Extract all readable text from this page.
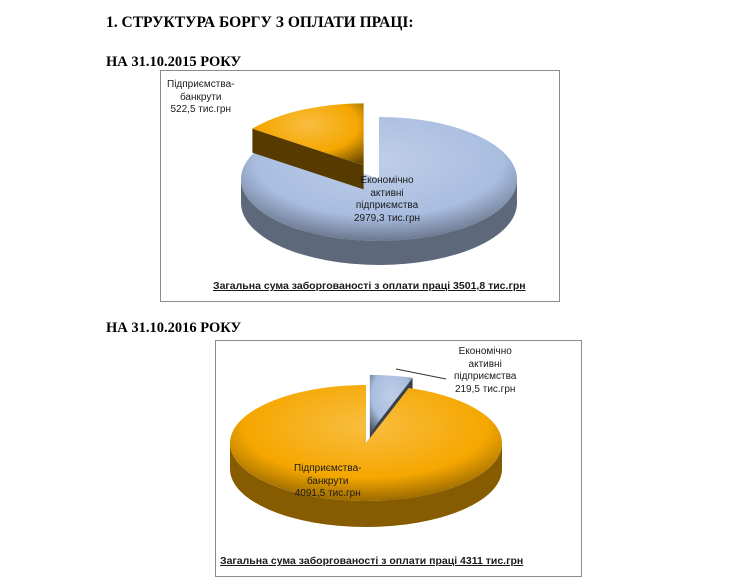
1. СТРУКТУРА БОРГУ З ОПЛАТИ ПРАЦІ:
НА 31.10.2015 РОКУ
Економічно
активні
підприємства
2979,3 тис.грн
Підприємства-
банкрути
522,5 тис.грн
Загальна сума заборгованості з оплати праці 3501,8 тис.грн
НА 31.10.2016 РОКУ
Економічно
активні
підприємства
219,5 тис.грн
Підприємства-
банкрути
4091,5 тис.грн
Загальна сума заборгованості з оплати праці 4311 тис.грн
